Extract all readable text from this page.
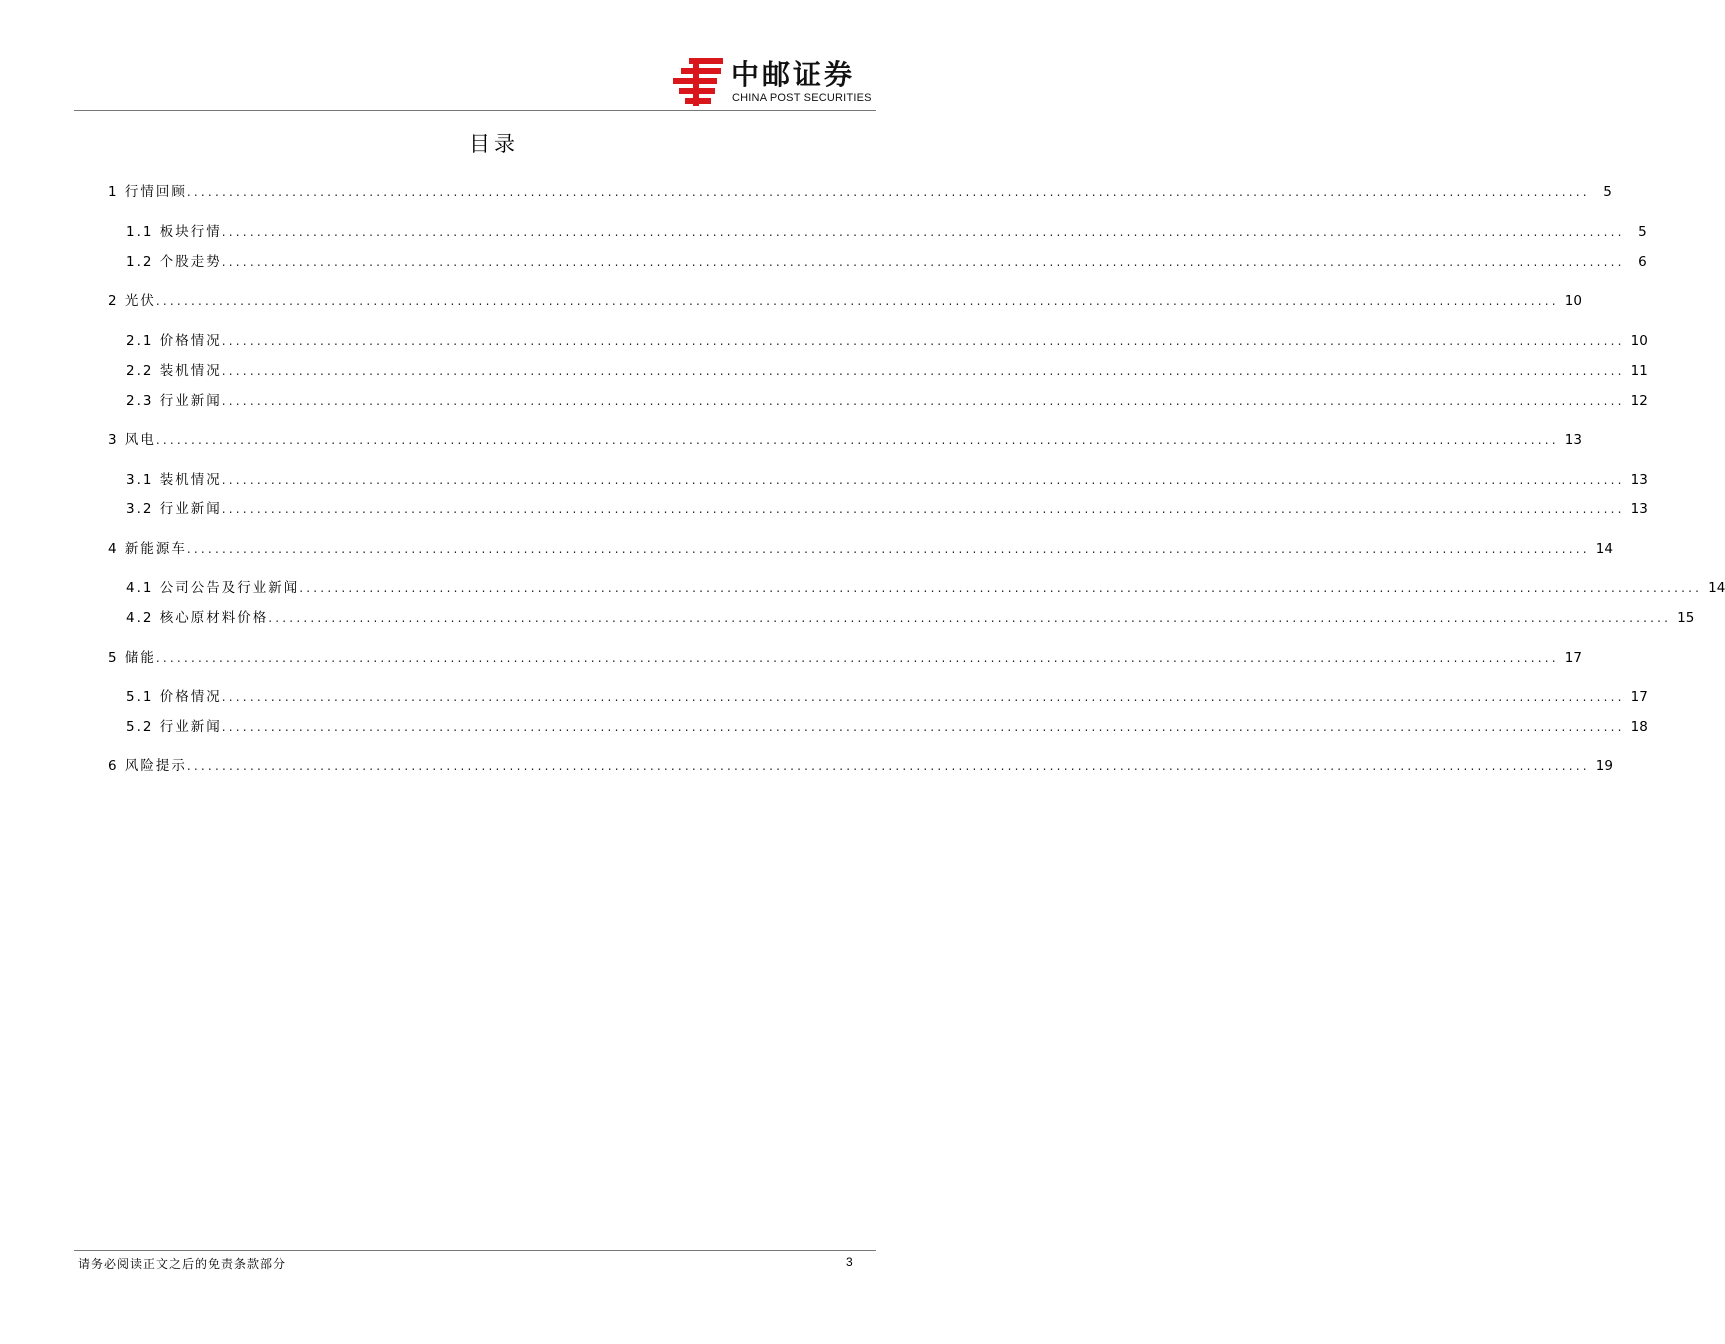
中邮证券
CHINA POST SECURITIES
目录
1 行情回顾 ........................................................................................................................................................................................................ 5
1.1 板块行情 ........................................................................................................................................................................................................ 5
1.2 个股走势 ........................................................................................................................................................................................................ 6
2 光伏 ........................................................................................................................................................................................................ 10
2.1 价格情况 ........................................................................................................................................................................................................ 10
2.2 装机情况 ........................................................................................................................................................................................................ 11
2.3 行业新闻 ........................................................................................................................................................................................................ 12
3 风电 ........................................................................................................................................................................................................ 13
3.1 装机情况 ........................................................................................................................................................................................................ 13
3.2 行业新闻 ........................................................................................................................................................................................................ 13
4 新能源车 ........................................................................................................................................................................................................ 14
4.1 公司公告及行业新闻 ........................................................................................................................................................................................................ 14
4.2 核心原材料价格 ........................................................................................................................................................................................................ 15
5 储能 ........................................................................................................................................................................................................ 17
5.1 价格情况 ........................................................................................................................................................................................................ 17
5.2 行业新闻 ........................................................................................................................................................................................................ 18
6 风险提示 ........................................................................................................................................................................................................ 19
请务必阅读正文之后的免责条款部分	3
